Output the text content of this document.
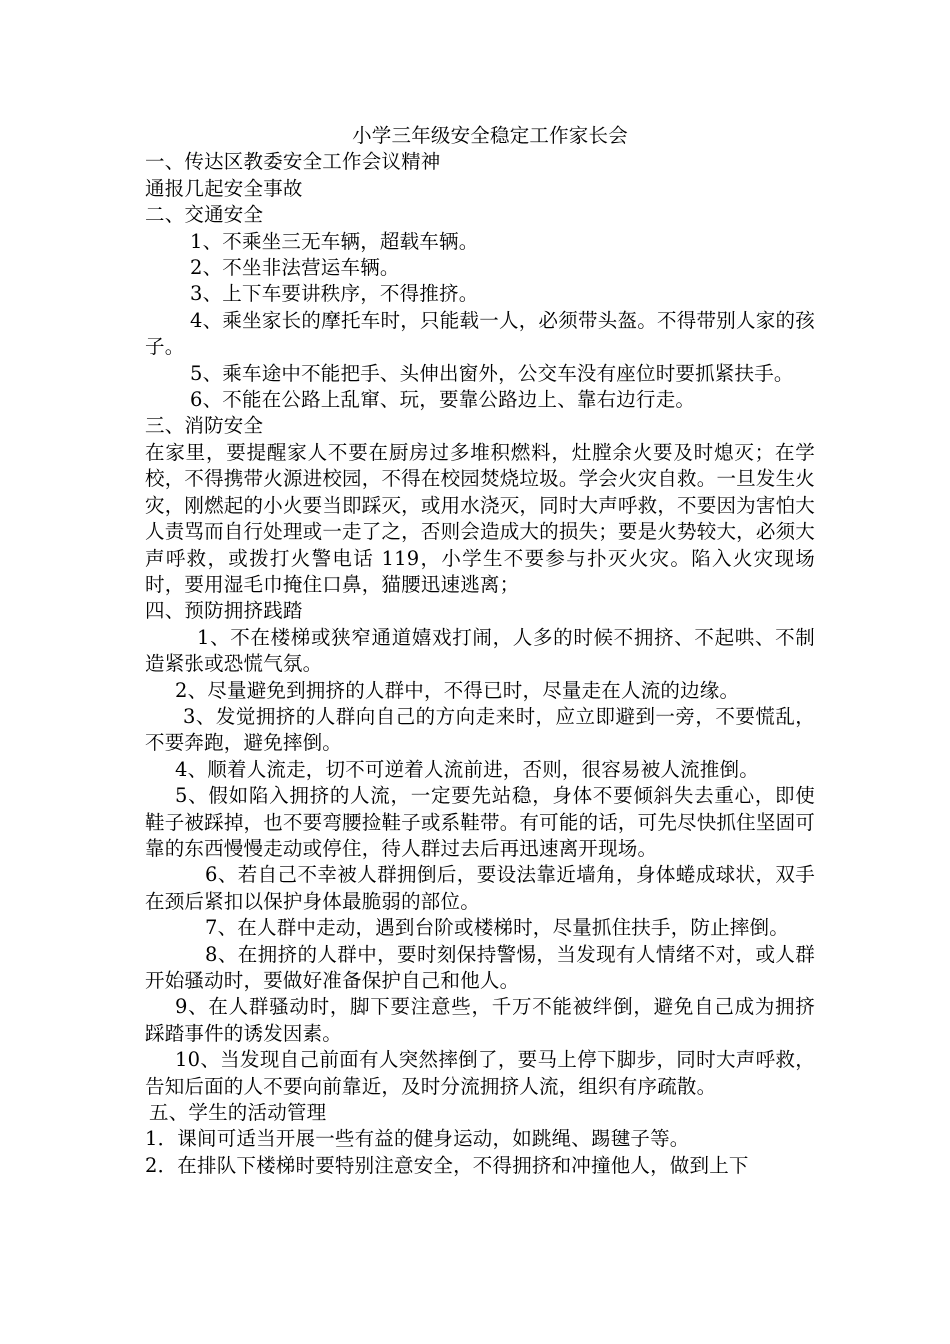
小学三年级安全稳定工作家长会

一、传达区教委安全工作会议精神

通报几起安全事故

二、交通安全

1、不乘坐三无车辆，超载车辆。

2、不坐非法营运车辆。

3、上下车要讲秩序，不得推挤。

4、乘坐家长的摩托车时，只能载一人，必须带头盔。不得带别人家的孩子。

5、乘车途中不能把手、头伸出窗外，公交车没有座位时要抓紧扶手。

6、不能在公路上乱窜、玩，要靠公路边上、靠右边行走。

三、消防安全

在家里，要提醒家人不要在厨房过多堆积燃料，灶膛余火要及时熄灭；在学校，不得携带火源进校园，不得在校园焚烧垃圾。学会火灾自救。一旦发生火灾，刚燃起的小火要当即踩灭，或用水浇灭，同时大声呼救，不要因为害怕大人责骂而自行处理或一走了之，否则会造成大的损失；要是火势较大，必须大声呼救，或拨打火警电话 119，小学生不要参与扑灭火灾。陷入火灾现场时，要用湿毛巾掩住口鼻，猫腰迅速逃离；

四、预防拥挤践踏

1、不在楼梯或狭窄通道嬉戏打闹，人多的时候不拥挤、不起哄、不制造紧张或恐慌气氛。

2、尽量避免到拥挤的人群中，不得已时，尽量走在人流的边缘。

3、发觉拥挤的人群向自己的方向走来时，应立即避到一旁，不要慌乱，不要奔跑，避免摔倒。

4、顺着人流走，切不可逆着人流前进，否则，很容易被人流推倒。

5、假如陷入拥挤的人流，一定要先站稳，身体不要倾斜失去重心，即使鞋子被踩掉，也不要弯腰捡鞋子或系鞋带。有可能的话，可先尽快抓住坚固可靠的东西慢慢走动或停住，待人群过去后再迅速离开现场。

6、若自己不幸被人群拥倒后，要设法靠近墙角，身体蜷成球状，双手在颈后紧扣以保护身体最脆弱的部位。

7、在人群中走动，遇到台阶或楼梯时，尽量抓住扶手，防止摔倒。

8、在拥挤的人群中，要时刻保持警惕，当发现有人情绪不对，或人群开始骚动时，要做好准备保护自己和他人。

9、在人群骚动时，脚下要注意些，千万不能被绊倒，避免自己成为拥挤踩踏事件的诱发因素。

10、当发现自己前面有人突然摔倒了，要马上停下脚步，同时大声呼救，告知后面的人不要向前靠近，及时分流拥挤人流，组织有序疏散。

五、学生的活动管理

1．课间可适当开展一些有益的健身运动，如跳绳、踢毽子等。

2．在排队下楼梯时要特别注意安全，不得拥挤和冲撞他人，做到上下
